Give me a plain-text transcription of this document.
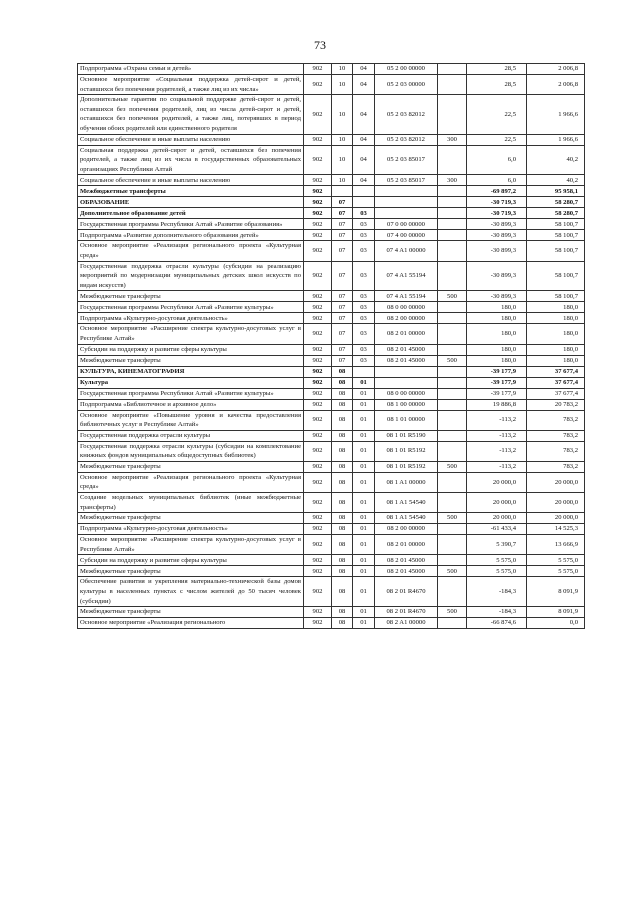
73
Подпрограмма «Охрана семьи и детей»	902	10	04	05 2 00 00000		28,5	2 006,8
Основное мероприятие «Социальная поддержка детей-сирот и детей, оставшихся без попечения родителей, а также лиц из их числа»	902	10	04	05 2 03 00000		28,5	2 006,8
Дополнительные гарантии по социальной поддержке детей-сирот и детей, оставшихся без попечения родителей, лиц из числа детей-сирот и детей, оставшихся без попечения родителей, а также лиц, потерявших в период обучения обоих родителей или единственного родителя	902	10	04	05 2 03 82012		22,5	1 966,6
Социальное обеспечение и иные выплаты населению	902	10	04	05 2 03 82012	300	22,5	1 966,6
Социальная поддержка детей-сирот и детей, оставшихся без попечения родителей, а также лиц из их числа в государственных образовательных организациях Республики Алтай	902	10	04	05 2 03 85017		6,0	40,2
Социальное обеспечение и иные выплаты населению	902	10	04	05 2 03 85017	300	6,0	40,2
Межбюджетные трансферты	902					-69 897,2	95 958,1
ОБРАЗОВАНИЕ	902	07				-30 719,3	58 280,7
Дополнительное образование детей	902	07	03			-30 719,3	58 280,7
Государственная программа Республики Алтай «Развитие образования»	902	07	03	07 0 00 00000		-30 899,3	58 100,7
Подпрограмма «Развитие дополнительного образования детей»	902	07	03	07 4 00 00000		-30 899,3	58 100,7
Основное мероприятие «Реализация регионального проекта «Культурная среда»	902	07	03	07 4 A1 00000		-30 899,3	58 100,7
Государственная поддержка отрасли культуры (субсидии на реализацию мероприятий по модернизации муниципальных детских школ искусств по видам искусств)	902	07	03	07 4 A1 55194		-30 899,3	58 100,7
Межбюджетные трансферты	902	07	03	07 4 A1 55194	500	-30 899,3	58 100,7
Государственная программа Республики Алтай «Развитие культуры»	902	07	03	08 0 00 00000		180,0	180,0
Подпрограмма «Культурно-досуговая деятельность»	902	07	03	08 2 00 00000		180,0	180,0
Основное мероприятие «Расширение спектра культурно-досуговых услуг в Республике Алтай»	902	07	03	08 2 01 00000		180,0	180,0
Субсидии на поддержку и развитие сферы культуры	902	07	03	08 2 01 45000		180,0	180,0
Межбюджетные трансферты	902	07	03	08 2 01 45000	500	180,0	180,0
КУЛЬТУРА, КИНЕМАТОГРАФИЯ	902	08				-39 177,9	37 677,4
Культура	902	08	01			-39 177,9	37 677,4
Государственная программа Республики Алтай «Развитие культуры»	902	08	01	08 0 00 00000		-39 177,9	37 677,4
Подпрограмма «Библиотечное и архивное дело»	902	08	01	08 1 00 00000		19 886,8	20 783,2
Основное мероприятие «Повышение уровня и качества предоставления библиотечных услуг в Республике Алтай»	902	08	01	08 1 01 00000		-113,2	783,2
Государственная поддержка отрасли культуры	902	08	01	08 1 01 R5190		-113,2	783,2
Государственная поддержка отрасли культуры (субсидии на комплектование книжных фондов муниципальных общедоступных библиотек)	902	08	01	08 1 01 R5192		-113,2	783,2
Межбюджетные трансферты	902	08	01	08 1 01 R5192	500	-113,2	783,2
Основное мероприятие «Реализация регионального проекта «Культурная среда»	902	08	01	08 1 A1 00000		20 000,0	20 000,0
Создание модельных муниципальных библиотек (иные межбюджетные трансферты)	902	08	01	08 1 A1 54540		20 000,0	20 000,0
Межбюджетные трансферты	902	08	01	08 1 A1 54540	500	20 000,0	20 000,0
Подпрограмма «Культурно-досуговая деятельность»	902	08	01	08 2 00 00000		-61 433,4	14 525,3
Основное мероприятие «Расширение спектра культурно-досуговых услуг в Республике Алтай»	902	08	01	08 2 01 00000		5 390,7	13 666,9
Субсидии на поддержку и развитие сферы культуры	902	08	01	08 2 01 45000		5 575,0	5 575,0
Межбюджетные трансферты	902	08	01	08 2 01 45000	500	5 575,0	5 575,0
Обеспечение развития и укрепления материально-технической базы домов культуры в населенных пунктах с числом жителей до 50 тысяч человек (субсидии)	902	08	01	08 2 01 R4670		-184,3	8 091,9
Межбюджетные трансферты	902	08	01	08 2 01 R4670	500	-184,3	8 091,9
Основное мероприятие «Реализация регионального	902	08	01	08 2 A1 00000		-66 874,6	0,0
